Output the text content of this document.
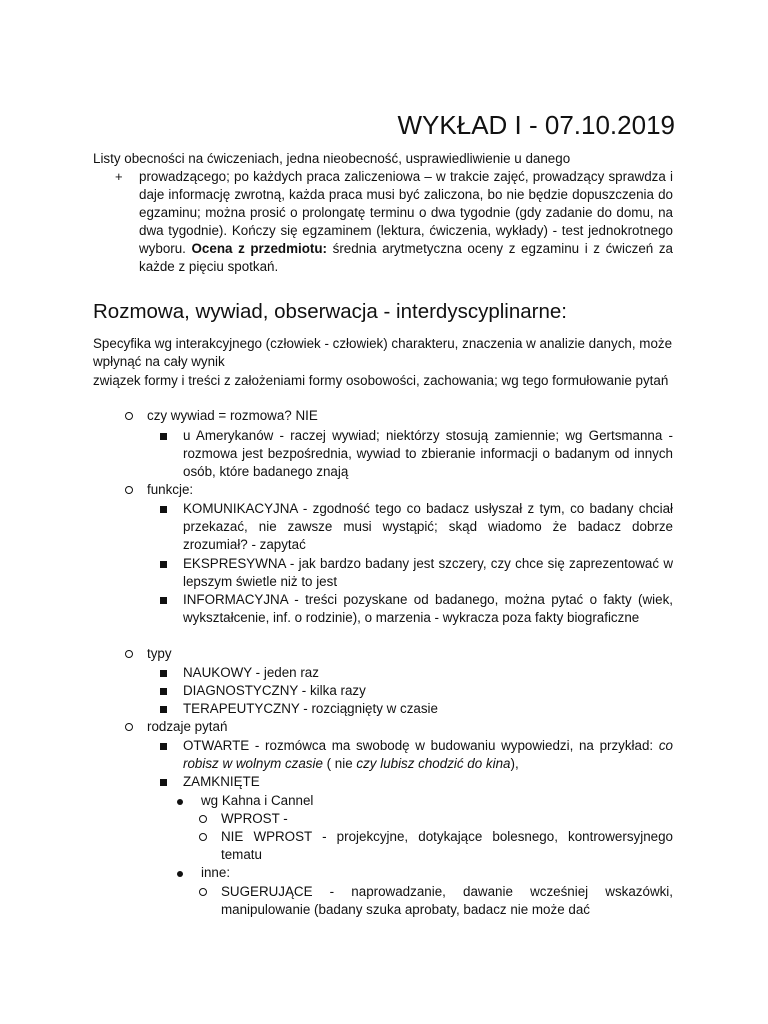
WYKŁAD I - 07.10.2019

Listy obecności na ćwiczeniach, jedna nieobecność, usprawiedliwienie u danego

+ prowadzącego; po każdych praca zaliczeniowa – w trakcie zajęć, prowadzący sprawdza i daje informację zwrotną, każda praca musi być zaliczona, bo nie będzie dopuszczenia do egzaminu; można prosić o prolongatę terminu o dwa tygodnie (gdy zadanie do domu, na dwa tygodnie). Kończy się egzaminem (lektura, ćwiczenia, wykłady) - test jednokrotnego wyboru. Ocena z przedmiotu: średnia arytmetyczna oceny z egzaminu i z ćwiczeń za każde z pięciu spotkań.

Rozmowa, wywiad, obserwacja - interdyscyplinarne:

Specyfika wg interakcyjnego (człowiek - człowiek) charakteru, znaczenia w analizie danych, może wpłynąć na cały wynik

związek formy i treści z założeniami formy osobowości, zachowania; wg tego formułowanie pytań

czy wywiad = rozmowa? NIE
u Amerykanów - raczej wywiad; niektórzy stosują zamiennie; wg Gertsmanna - rozmowa jest bezpośrednia, wywiad to zbieranie informacji o badanym od innych osób, które badanego znają
funkcje:
KOMUNIKACYJNA - zgodność tego co badacz usłyszał z tym, co badany chciał przekazać, nie zawsze musi wystąpić; skąd wiadomo że badacz dobrze zrozumiał? - zapytać
EKSPRESYWNA - jak bardzo badany jest szczery, czy chce się zaprezentować w lepszym świetle niż to jest
INFORMACYJNA - treści pozyskane od badanego, można pytać o fakty (wiek, wykształcenie, inf. o rodzinie), o marzenia - wykracza poza fakty biograficzne
typy
NAUKOWY - jeden raz
DIAGNOSTYCZNY - kilka razy
TERAPEUTYCZNY - rozciągnięty w czasie
rodzaje pytań
OTWARTE - rozmówca ma swobodę w budowaniu wypowiedzi, na przykład: co robisz w wolnym czasie ( nie czy lubisz chodzić do kina),
ZAMKNIĘTE
wg Kahna i Cannel
WPROST -
NIE WPROST - projekcyjne, dotykające bolesnego, kontrowersyjnego tematu
inne:
SUGERUJĄCE - naprowadzanie, dawanie wcześniej wskazówki, manipulowanie (badany szuka aprobaty, badacz nie może dać
